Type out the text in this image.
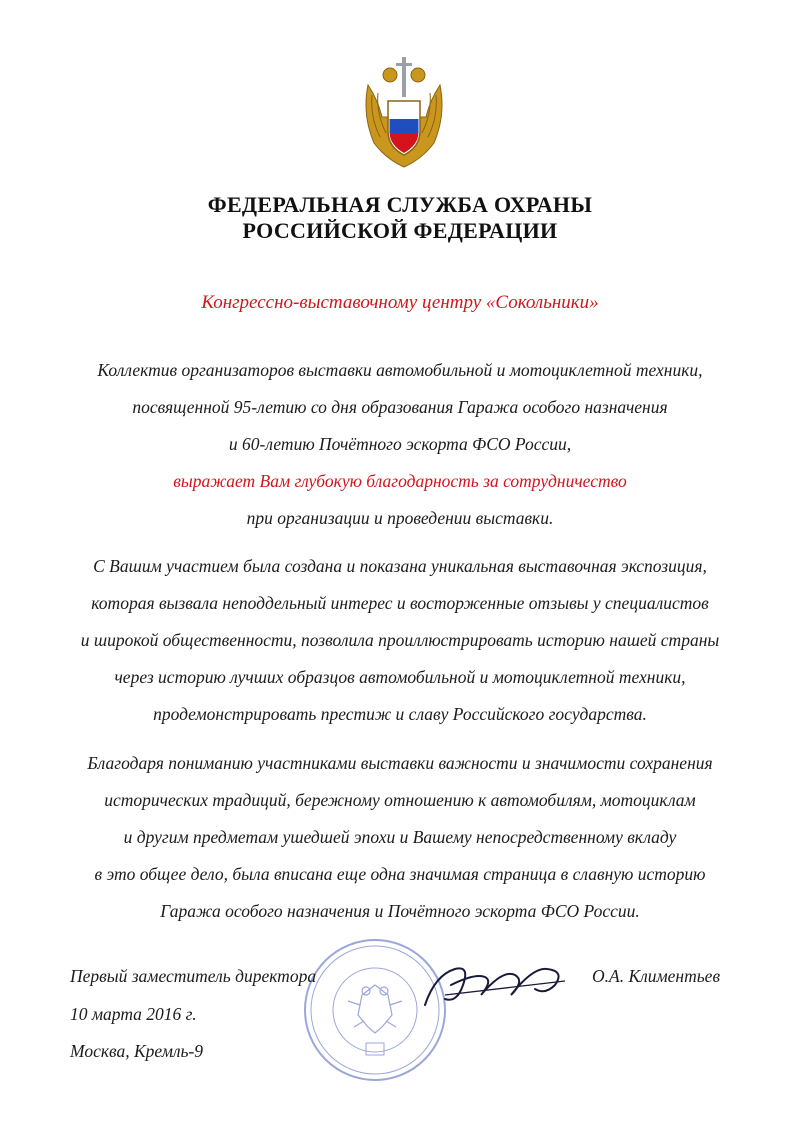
ФЕДЕРАЛЬНАЯ СЛУЖБА ОХРАНЫ
РОССИЙСКОЙ ФЕДЕРАЦИИ
Конгрессно-выставочному центру «Сокольники»
Коллектив организаторов выставки автомобильной и мотоциклетной техники,
посвященной 95-летию со дня образования Гаража особого назначения
и 60-летию Почётного эскорта ФСО России,
выражает Вам глубокую благодарность за сотрудничество
при организации и проведении выставки.
С Вашим участием была создана и показана уникальная выставочная экспозиция,
которая вызвала неподдельный интерес и восторженные отзывы у специалистов
и широкой общественности, позволила проиллюстрировать историю нашей страны
через историю лучших образцов автомобильной и мотоциклетной техники,
продемонстрировать престиж и славу Российского государства.
Благодаря пониманию участниками выставки важности и значимости сохранения
исторических традиций, бережному отношению к автомобилям, мотоциклам
и другим предметам ушедшей эпохи и Вашему непосредственному вкладу
в это общее дело, была вписана еще одна значимая страница в славную историю
Гаража особого назначения и Почётного эскорта ФСО России.
Первый заместитель директора
10 марта 2016 г.
Москва, Кремль-9
О.А. Климентьев
